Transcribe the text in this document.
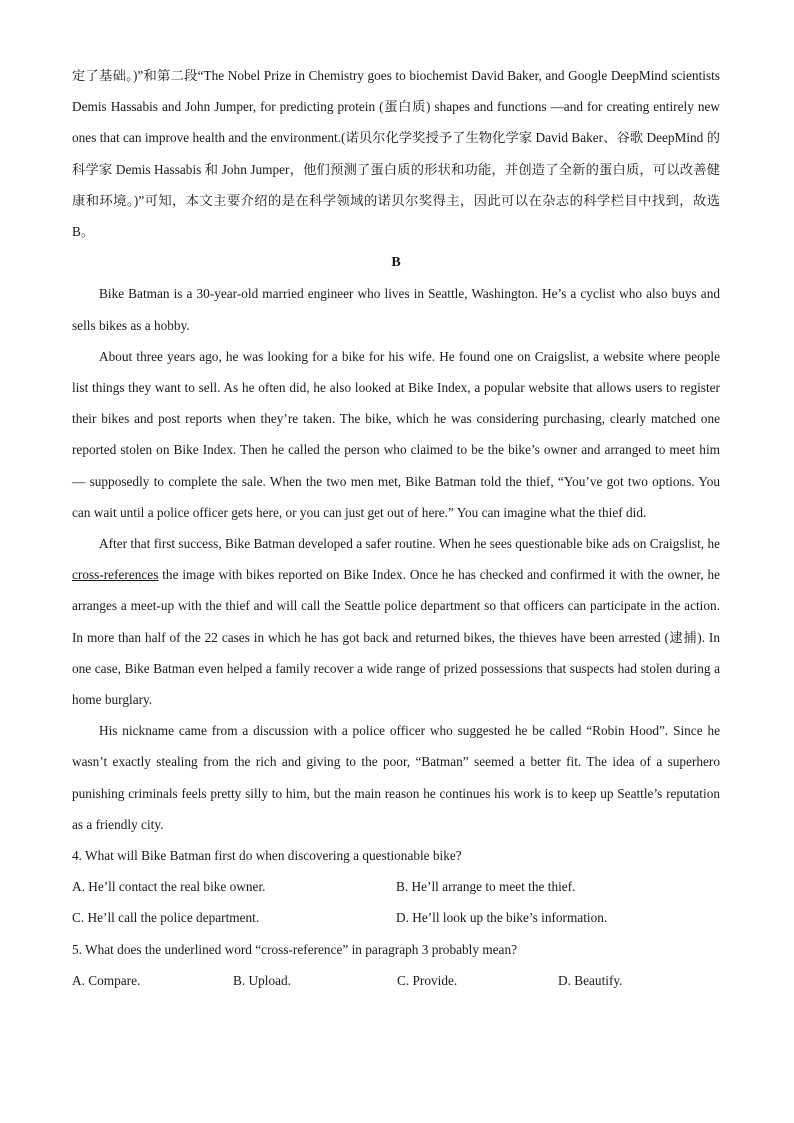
定了基础。)”和第二段“The Nobel Prize in Chemistry goes to biochemist David Baker, and Google DeepMind scientists Demis Hassabis and John Jumper, for predicting protein (蛋白质) shapes and functions —and for creating entirely new ones that can improve health and the environment.(诺贝尔化学奖授予了生物化学家 David Baker、谷歌 DeepMind 的科学家 Demis Hassabis 和 John Jumper，他们预测了蛋白质的形状和功能，并创造了全新的蛋白质，可以改善健康和环境。)”可知，本文主要介绍的是在科学领域的诺贝尔奖得主，因此可以在杂志的科学栏目中找到，故选 B。

B

Bike Batman is a 30-year-old married engineer who lives in Seattle, Washington. He’s a cyclist who also buys and sells bikes as a hobby.

About three years ago, he was looking for a bike for his wife. He found one on Craigslist, a website where people list things they want to sell. As he often did, he also looked at Bike Index, a popular website that allows users to register their bikes and post reports when they’re taken. The bike, which he was considering purchasing, clearly matched one reported stolen on Bike Index. Then he called the person who claimed to be the bike’s owner and arranged to meet him — supposedly to complete the sale. When the two men met, Bike Batman told the thief, “You’ve got two options. You can wait until a police officer gets here, or you can just get out of here.” You can imagine what the thief did.

After that first success, Bike Batman developed a safer routine. When he sees questionable bike ads on Craigslist, he cross-references the image with bikes reported on Bike Index. Once he has checked and confirmed it with the owner, he arranges a meet-up with the thief and will call the Seattle police department so that officers can participate in the action. In more than half of the 22 cases in which he has got back and returned bikes, the thieves have been arrested (逮捕). In one case, Bike Batman even helped a family recover a wide range of prized possessions that suspects had stolen during a home burglary.

His nickname came from a discussion with a police officer who suggested he be called “Robin Hood”. Since he wasn’t exactly stealing from the rich and giving to the poor, “Batman” seemed a better fit. The idea of a superhero punishing criminals feels pretty silly to him, but the main reason he continues his work is to keep up Seattle’s reputation as a friendly city.

4. What will Bike Batman first do when discovering a questionable bike?

A. He’ll contact the real bike owner.	B. He’ll arrange to meet the thief.
C. He’ll call the police department.	D. He’ll look up the bike’s information.

5. What does the underlined word “cross-reference” in paragraph 3 probably mean?

A. Compare.	B. Upload.	C. Provide.	D. Beautify.
